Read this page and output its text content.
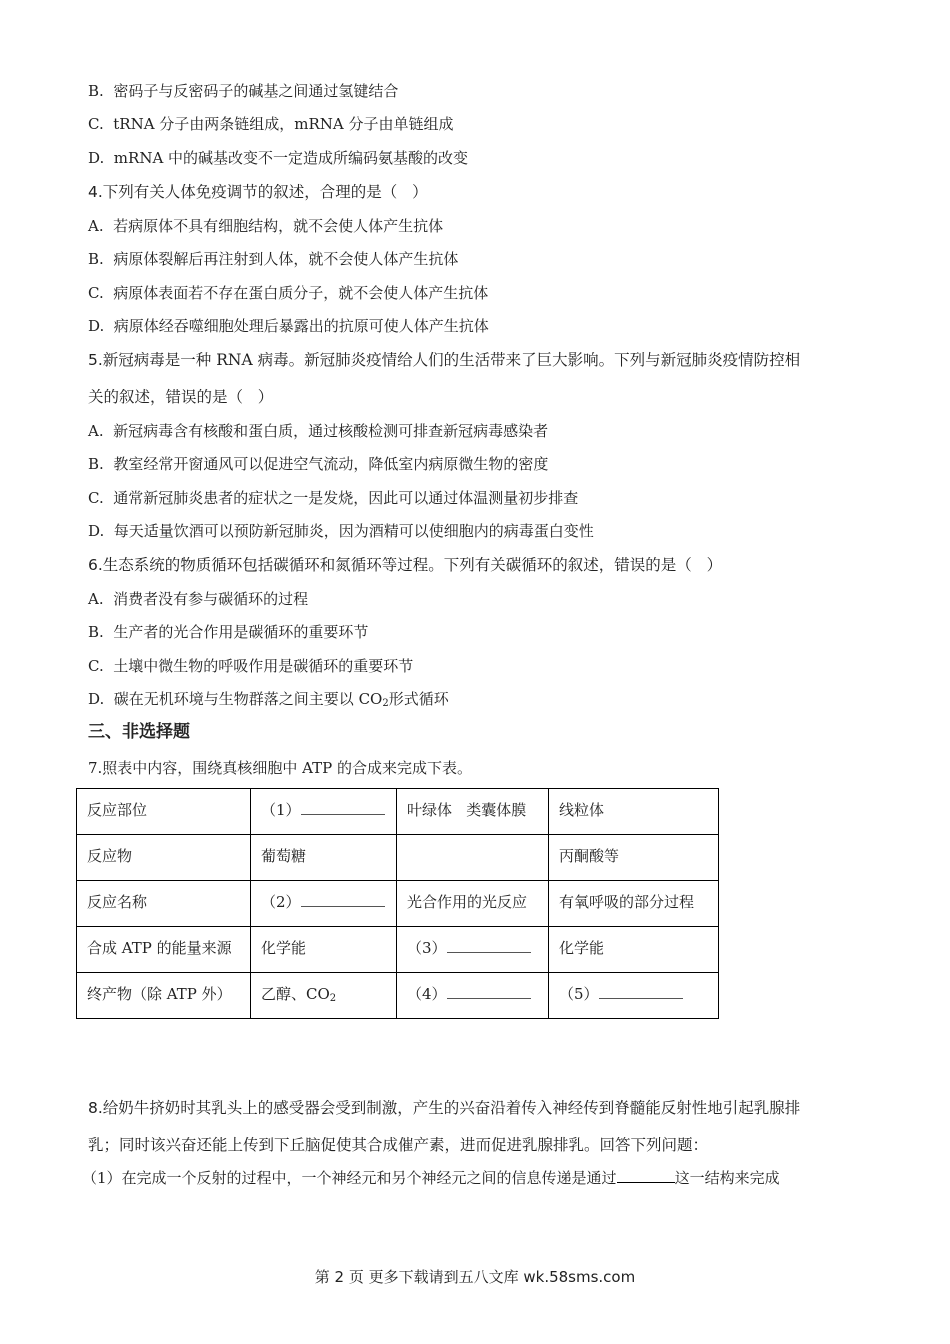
B.  密码子与反密码子的碱基之间通过氢键结合
C.  tRNA 分子由两条链组成，mRNA 分子由单链组成
D.  mRNA 中的碱基改变不一定造成所编码氨基酸的改变
4.下列有关人体免疫调节的叙述，合理的是（   ）
A.  若病原体不具有细胞结构，就不会使人体产生抗体
B.  病原体裂解后再注射到人体，就不会使人体产生抗体
C.  病原体表面若不存在蛋白质分子，就不会使人体产生抗体
D.  病原体经吞噬细胞处理后暴露出的抗原可使人体产生抗体
5.新冠病毒是一种 RNA 病毒。新冠肺炎疫情给人们的生活带来了巨大影响。下列与新冠肺炎疫情防控相
关的叙述，错误的是（   ）
A.  新冠病毒含有核酸和蛋白质，通过核酸检测可排查新冠病毒感染者
B.  教室经常开窗通风可以促进空气流动，降低室内病原微生物的密度
C.  通常新冠肺炎患者的症状之一是发烧，因此可以通过体温测量初步排查
D.  每天适量饮酒可以预防新冠肺炎，因为酒精可以使细胞内的病毒蛋白变性
6.生态系统的物质循环包括碳循环和氮循环等过程。下列有关碳循环的叙述，错误的是（   ）
A.  消费者没有参与碳循环的过程
B.  生产者的光合作用是碳循环的重要环节
C.  土壤中微生物的呼吸作用是碳循环的重要环节
D.  碳在无机环境与生物群落之间主要以 $CO_2$形式循环
三、非选择题
7.照表中内容，围绕真核细胞中 ATP 的合成来完成下表。
反应部位	（1）	叶绿体   类囊体膜	线粒体
反应物	葡萄糖		丙酮酸等
反应名称	（2）	光合作用的光反应	有氧呼吸的部分过程
合成 ATP 的能量来源	化学能	（3）	化学能
终产物（除 ATP 外）	乙醇、$CO_2$	（4）	（5）
8.给奶牛挤奶时其乳头上的感受器会受到制激，产生的兴奋沿着传入神经传到脊髓能反射性地引起乳腺排
乳；同时该兴奋还能上传到下丘脑促使其合成催产素，进而促进乳腺排乳。回答下列问题：
（1）在完成一个反射的过程中，一个神经元和另个神经元之间的信息传递是通过	这一结构来完成
第 2 页 更多下载请到五八文库 wk.58sms.com
